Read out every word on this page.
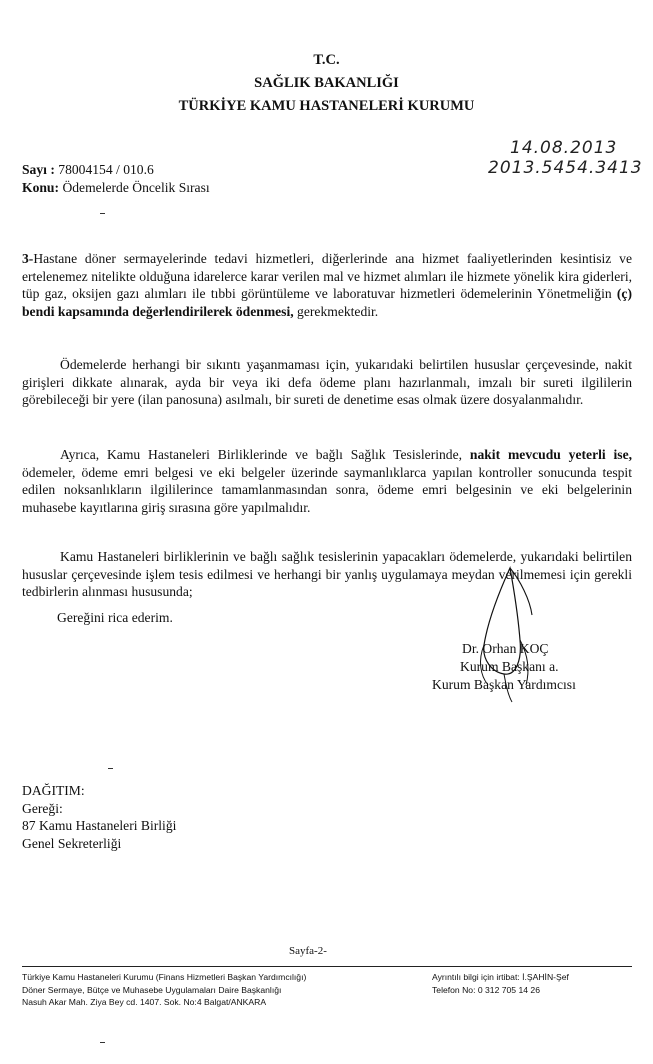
T.C.
SAĞLIK BAKANLIĞI
TÜRKİYE KAMU HASTANELERİ KURUMU
14.08.2013
2013.5454.3413
Sayı : 78004154 / 010.6
Konu: Ödemelerde Öncelik Sırası

3-Hastane döner sermayelerinde tedavi hizmetleri, diğerlerinde ana hizmet faaliyetlerinden kesintisiz ve ertelenemez nitelikte olduğuna idarelerce karar verilen mal ve hizmet alımları ile hizmete yönelik kira giderleri, tüp gaz, oksijen gazı alımları ile tıbbi görüntüleme ve laboratuvar hizmetleri ödemelerinin Yönetmeliğin (ç) bendi kapsamında değerlendirilerek ödenmesi, gerekmektedir.

Ödemelerde herhangi bir sıkıntı yaşanmaması için, yukarıdaki belirtilen hususlar çerçevesinde, nakit girişleri dikkate alınarak, ayda bir veya iki defa ödeme planı hazırlanmalı, imzalı bir sureti ilgililerin görebileceği bir yere (ilan panosuna) asılmalı, bir sureti de denetime esas olmak üzere dosyalanmalıdır.

Ayrıca, Kamu Hastaneleri Birliklerinde ve bağlı Sağlık Tesislerinde, nakit mevcudu yeterli ise, ödemeler, ödeme emri belgesi ve eki belgeler üzerinde saymanlıklarca yapılan kontroller sonucunda tespit edilen noksanlıkların ilgililerince tamamlanmasından sonra, ödeme emri belgesinin ve eki belgelerinin muhasebe kayıtlarına giriş sırasına göre yapılmalıdır.

Kamu Hastaneleri birliklerinin ve bağlı sağlık tesislerinin yapacakları ödemelerde, yukarıdaki belirtilen hususlar çerçevesinde işlem tesis edilmesi ve herhangi bir yanlış uygulamaya meydan verilmemesi için gerekli tedbirlerin alınması hususunda;

Gereğini rica ederim.
Dr. Orhan KOÇ
Kurum Başkanı a.
Kurum Başkan Yardımcısı
DAĞITIM:
Gereği:
87 Kamu Hastaneleri Birliği
Genel Sekreterliği
Sayfa-2-
Türkiye Kamu Hastaneleri Kurumu (Finans Hizmetleri Başkan Yardımcılığı)
Döner Sermaye, Bütçe ve Muhasebe Uygulamaları Daire Başkanlığı
Nasuh Akar Mah. Ziya Bey cd. 1407. Sok. No:4 Balgat/ANKARA
Ayrıntılı bilgi için irtibat: İ.ŞAHİN-Şef
Telefon No: 0 312 705 14 26
